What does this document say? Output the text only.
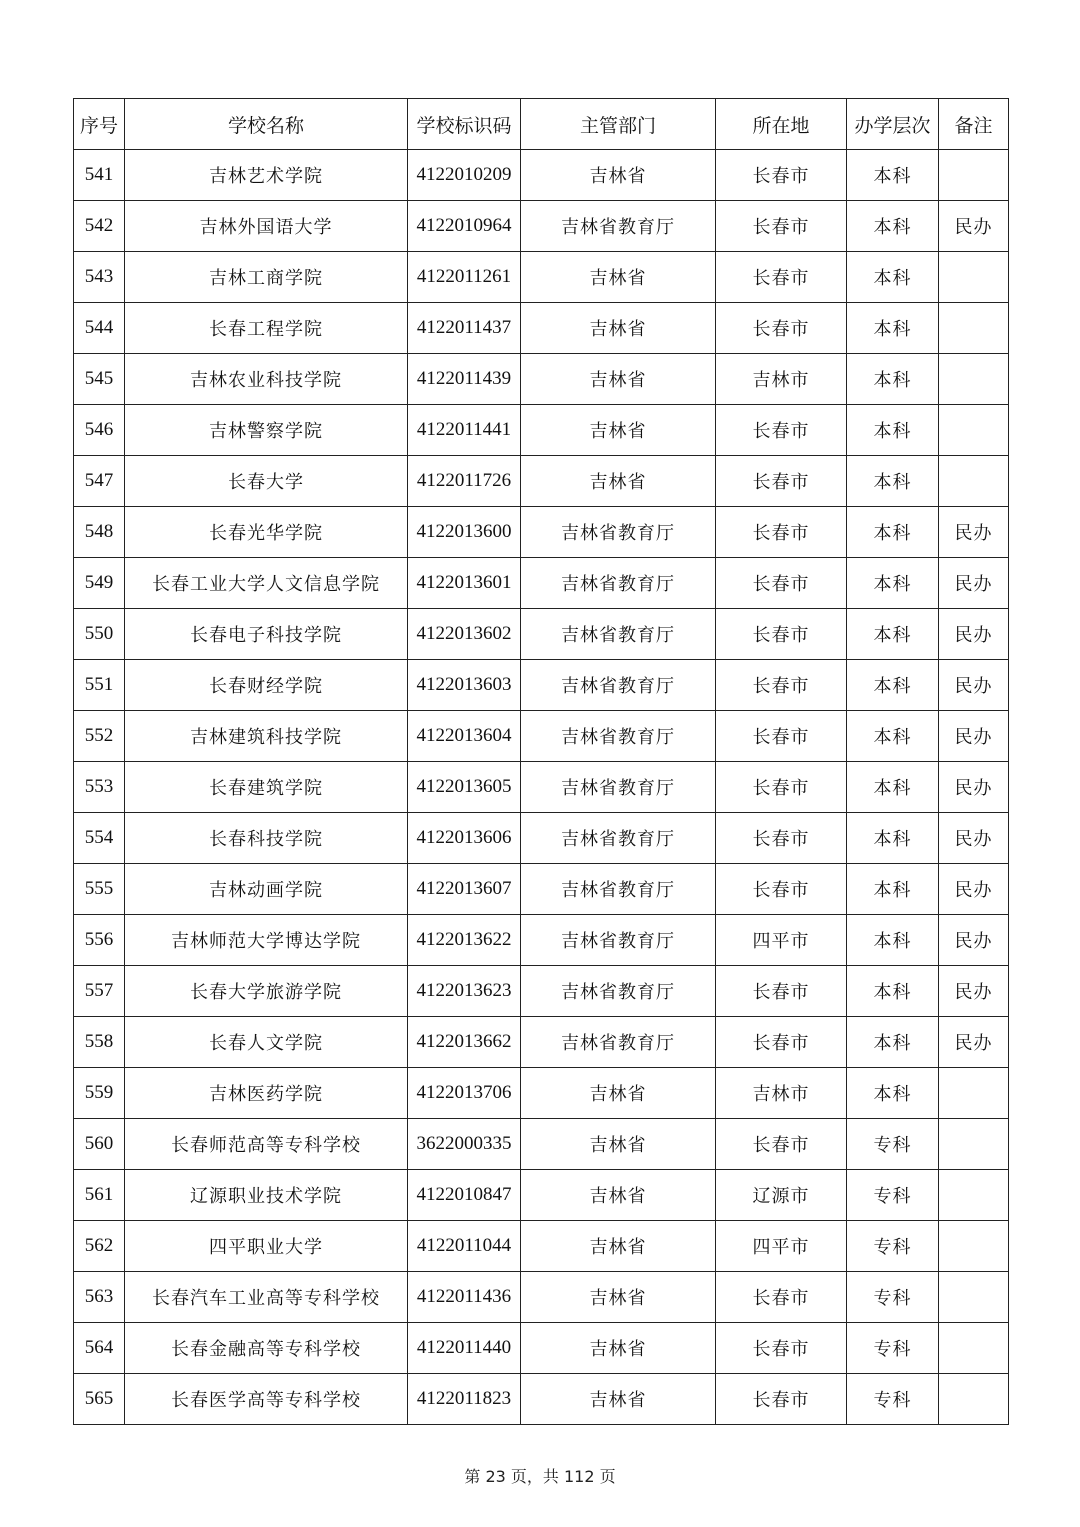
序号	学校名称	学校标识码	主管部门	所在地	办学层次	备注
541	吉林艺术学院	4122010209	吉林省	长春市	本科	
542	吉林外国语大学	4122010964	吉林省教育厅	长春市	本科	民办
543	吉林工商学院	4122011261	吉林省	长春市	本科	
544	长春工程学院	4122011437	吉林省	长春市	本科	
545	吉林农业科技学院	4122011439	吉林省	吉林市	本科	
546	吉林警察学院	4122011441	吉林省	长春市	本科	
547	长春大学	4122011726	吉林省	长春市	本科	
548	长春光华学院	4122013600	吉林省教育厅	长春市	本科	民办
549	长春工业大学人文信息学院	4122013601	吉林省教育厅	长春市	本科	民办
550	长春电子科技学院	4122013602	吉林省教育厅	长春市	本科	民办
551	长春财经学院	4122013603	吉林省教育厅	长春市	本科	民办
552	吉林建筑科技学院	4122013604	吉林省教育厅	长春市	本科	民办
553	长春建筑学院	4122013605	吉林省教育厅	长春市	本科	民办
554	长春科技学院	4122013606	吉林省教育厅	长春市	本科	民办
555	吉林动画学院	4122013607	吉林省教育厅	长春市	本科	民办
556	吉林师范大学博达学院	4122013622	吉林省教育厅	四平市	本科	民办
557	长春大学旅游学院	4122013623	吉林省教育厅	长春市	本科	民办
558	长春人文学院	4122013662	吉林省教育厅	长春市	本科	民办
559	吉林医药学院	4122013706	吉林省	吉林市	本科	
560	长春师范高等专科学校	3622000335	吉林省	长春市	专科	
561	辽源职业技术学院	4122010847	吉林省	辽源市	专科	
562	四平职业大学	4122011044	吉林省	四平市	专科	
563	长春汽车工业高等专科学校	4122011436	吉林省	长春市	专科	
564	长春金融高等专科学校	4122011440	吉林省	长春市	专科	
565	长春医学高等专科学校	4122011823	吉林省	长春市	专科	
第 23 页，共 112 页
